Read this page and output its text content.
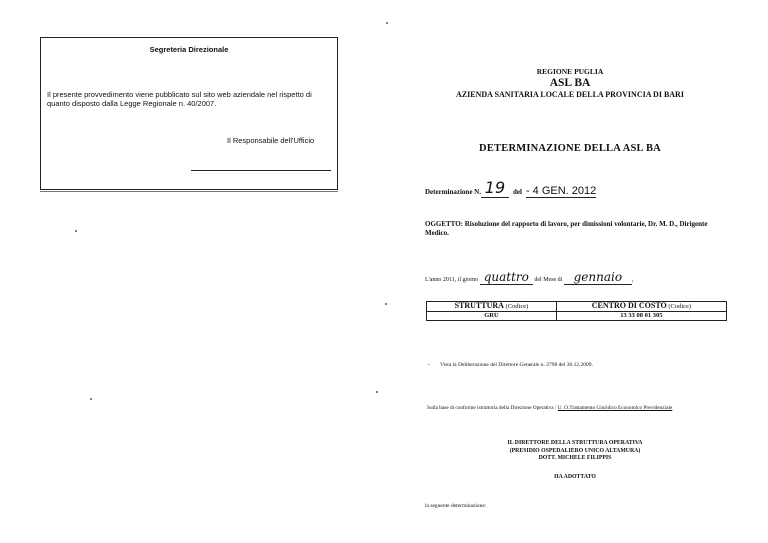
Segreteria Direzionale
Il presente provvedimento viene pubblicato sul sito web aziendale nel rispetto di quanto disposto dalla Legge Regionale n. 40/2007.
Il Responsabile dell'Ufficio
REGIONE PUGLIA
ASL BA
AZIENDA SANITARIA LOCALE DELLA PROVINCIA DI BARI
DETERMINAZIONE DELLA ASL BA
Determinazione N. 19 del - 4 GEN. 2012
OGGETTO: Risoluzione del rapporto di lavoro, per dimissioni volontarie, Dr. M. D., Dirigente Medico.
L'anno 2011, il giorno quattro del Mese di gennaio ,
STRUTTURA (Codice)	CENTRO DI COSTO (Codice)
GRU	13 33 08 01 305
- Vista la Deliberazione del Direttore Generale n. 2798 del 30.12.2009.
Sulla base di conforme istruttoria della Direzione Operativa / U .O.Trattamento Giuridico Economico Previdenziale
IL DIRETTORE DELLA STRUTTURA OPERATIVA
(PRESIDIO OSPEDALIERO UNICO ALTAMURA)
DOTT. MICHELE FILIPPIS
HA ADOTTATO
la seguente determinazione:
